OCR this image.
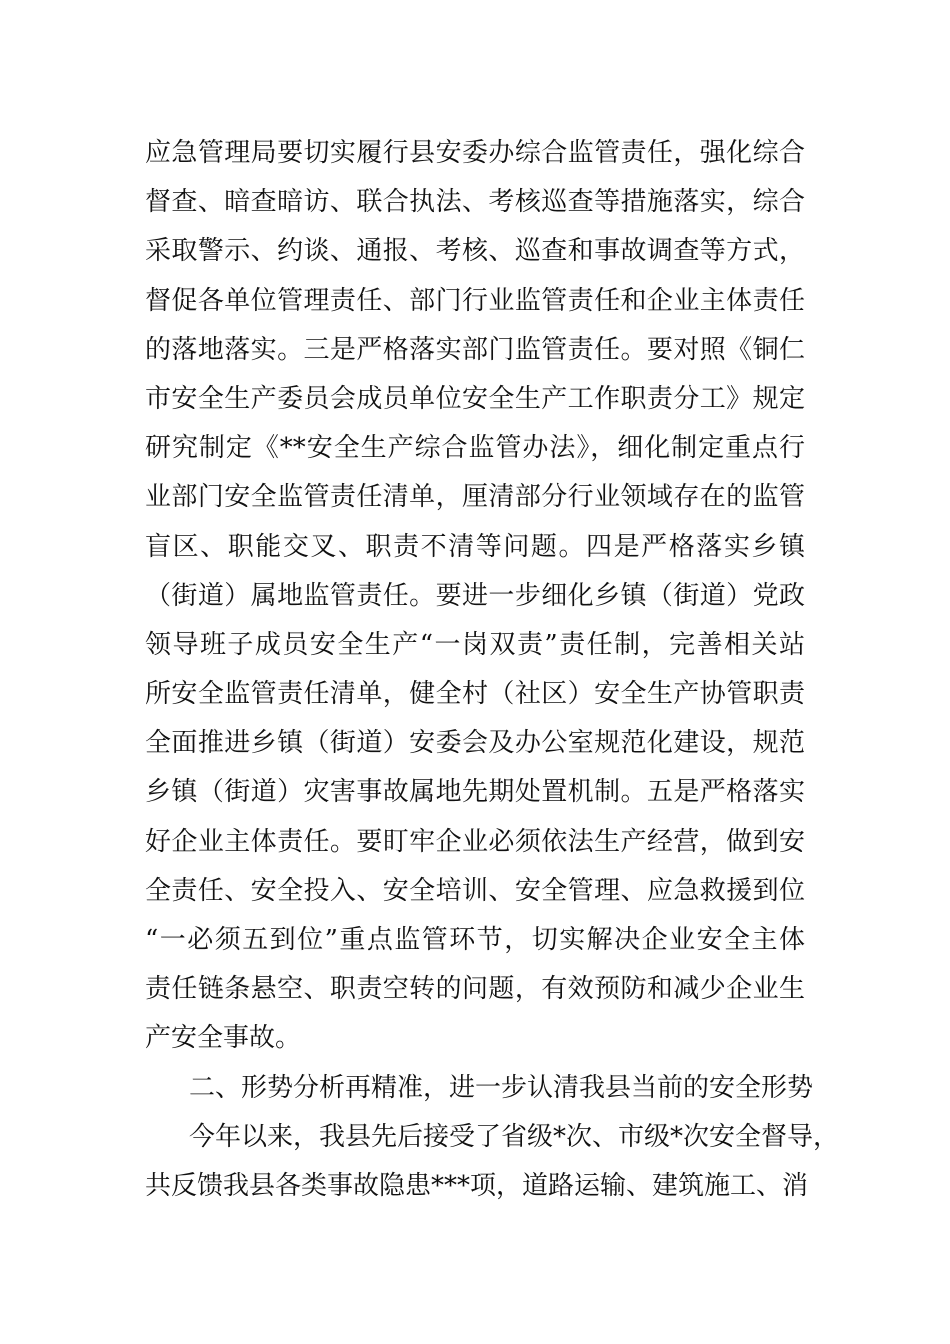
应急管理局要切实履行县安委办综合监管责任，强化综合
督查、暗查暗访、联合执法、考核巡查等措施落实，综合
采取警示、约谈、通报、考核、巡查和事故调查等方式，
督促各单位管理责任、部门行业监管责任和企业主体责任
的落地落实。三是严格落实部门监管责任。要对照《铜仁
市安全生产委员会成员单位安全生产工作职责分工》规定
研究制定《**安全生产综合监管办法》，细化制定重点行
业部门安全监管责任清单，厘清部分行业领域存在的监管
盲区、职能交叉、职责不清等问题。四是严格落实乡镇
（街道）属地监管责任。要进一步细化乡镇（街道）党政
领导班子成员安全生产“一岗双责”责任制，完善相关站
所安全监管责任清单，健全村（社区）安全生产协管职责
全面推进乡镇（街道）安委会及办公室规范化建设，规范
乡镇（街道）灾害事故属地先期处置机制。五是严格落实
好企业主体责任。要盯牢企业必须依法生产经营，做到安
全责任、安全投入、安全培训、安全管理、应急救援到位
“一必须五到位”重点监管环节，切实解决企业安全主体
责任链条悬空、职责空转的问题，有效预防和减少企业生
产安全事故。
二、形势分析再精准，进一步认清我县当前的安全形势
今年以来，我县先后接受了省级*次、市级*次安全督导，
共反馈我县各类事故隐患***项，道路运输、建筑施工、消
